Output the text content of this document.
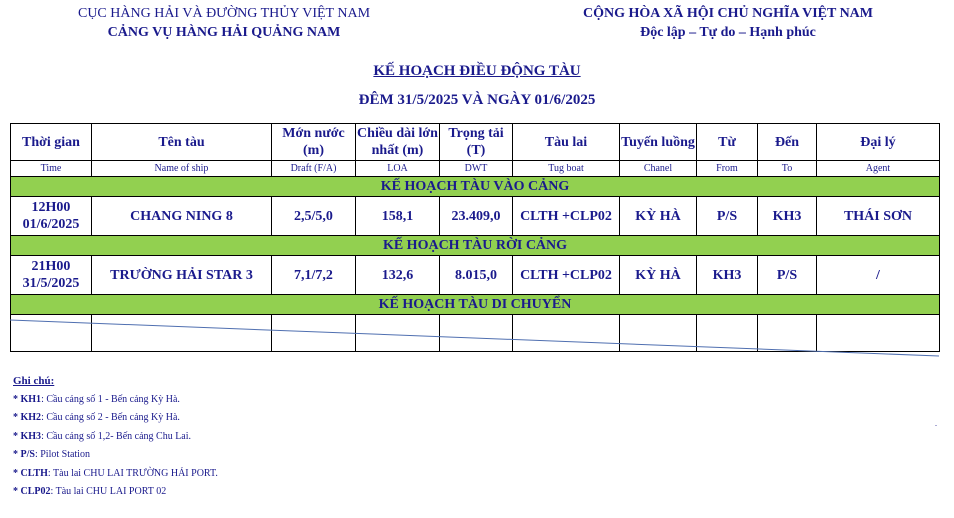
CỤC HÀNG HẢI VÀ ĐƯỜNG THỦY VIỆT NAM
CẢNG VỤ HÀNG HẢI QUẢNG NAM
CỘNG HÒA XÃ HỘI CHỦ NGHĨA VIỆT NAM
Độc lập – Tự do – Hạnh phúc
KẾ HOẠCH ĐIỀU ĐỘNG TÀU
ĐÊM 31/5/2025 VÀ NGÀY 01/6/2025
Thời gian	Tên tàu	Mớn nước (m)	Chiều dài lớn nhất (m)	Trọng tải (T)	Tàu lai	Tuyến luồng	Từ	Đến	Đại lý
Time	Name of ship	Draft (F/A)	LOA	DWT	Tug boat	Chanel	From	To	Agent
KẾ HOẠCH TÀU VÀO CẢNG									

12H00
01/6/2025	CHANG NING 8	2,5/5,0	158,1	23.409,0	CLTH +CLP02	KỲ HÀ	P/S	KH3	THÁI SƠN
KẾ HOẠCH TÀU RỜI CẢNG									

21H00
31/5/2025	TRƯỜNG HẢI STAR 3	7,1/7,2	132,6	8.015,0	CLTH +CLP02	KỲ HÀ	KH3	P/S	/
KẾ HOẠCH TÀU DI CHUYỂN									

Ghi chú:
* KH1: Cầu cảng số 1 - Bến cảng Kỳ Hà.
* KH2: Cầu cảng số 2 - Bến cảng Kỳ Hà.
* KH3: Cầu cảng số 1,2- Bến cảng Chu Lai.
* P/S: Pilot Station
* CLTH: Tàu lai CHU LAI TRƯỜNG HẢI PORT.
* CLP02: Tàu lai CHU LAI PORT 02
.
